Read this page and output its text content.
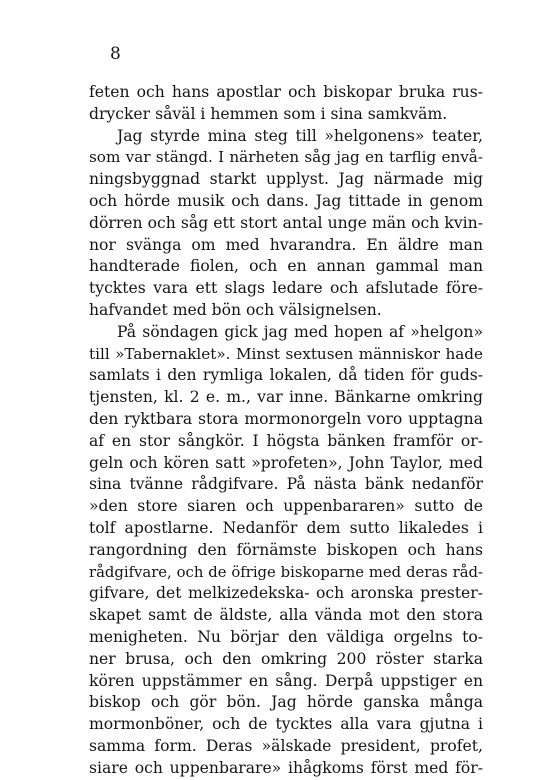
8
feten och hans apostlar och biskopar bruka rus-
drycker såväl i hemmen som i sina samkväm.
Jag styrde mina steg till »helgonens» teater,
som var stängd. I närheten såg jag en tarflig envå-
ningsbyggnad starkt upplyst. Jag närmade mig
och hörde musik och dans. Jag tittade in genom
dörren och såg ett stort antal unge män och kvin-
nor svänga om med hvarandra. En äldre man
handterade fiolen, och en annan gammal man
tycktes vara ett slags ledare och afslutade före-
hafvandet med bön och välsignelsen.
På söndagen gick jag med hopen af »helgon»
till »Tabernaklet». Minst sextusen människor hade
samlats i den rymliga lokalen, då tiden för guds-
tjensten, kl. 2 e. m., var inne. Bänkarne omkring
den ryktbara stora mormonorgeln voro upptagna
af en stor sångkör. I högsta bänken framför or-
geln och kören satt »profeten», John Taylor, med
sina tvänne rådgifvare. På nästa bänk nedanför
»den store siaren och uppenbararen» sutto de
tolf apostlarne. Nedanför dem sutto likaledes i
rangordning den förnämste biskopen och hans
rådgifvare, och de öfrige biskoparne med deras råd-
gifvare, det melkizedekska- och aronska prester-
skapet samt de äldste, alla vända mot den stora
menigheten. Nu börjar den väldiga orgelns to-
ner brusa, och den omkring 200 röster starka
kören uppstämmer en sång. Derpå uppstiger en
biskop och gör bön. Jag hörde ganska många
mormonböner, och de tycktes alla vara gjutna i
samma form. Deras »älskade president, profet,
siare och uppenbarare» ihågkoms först med för-
